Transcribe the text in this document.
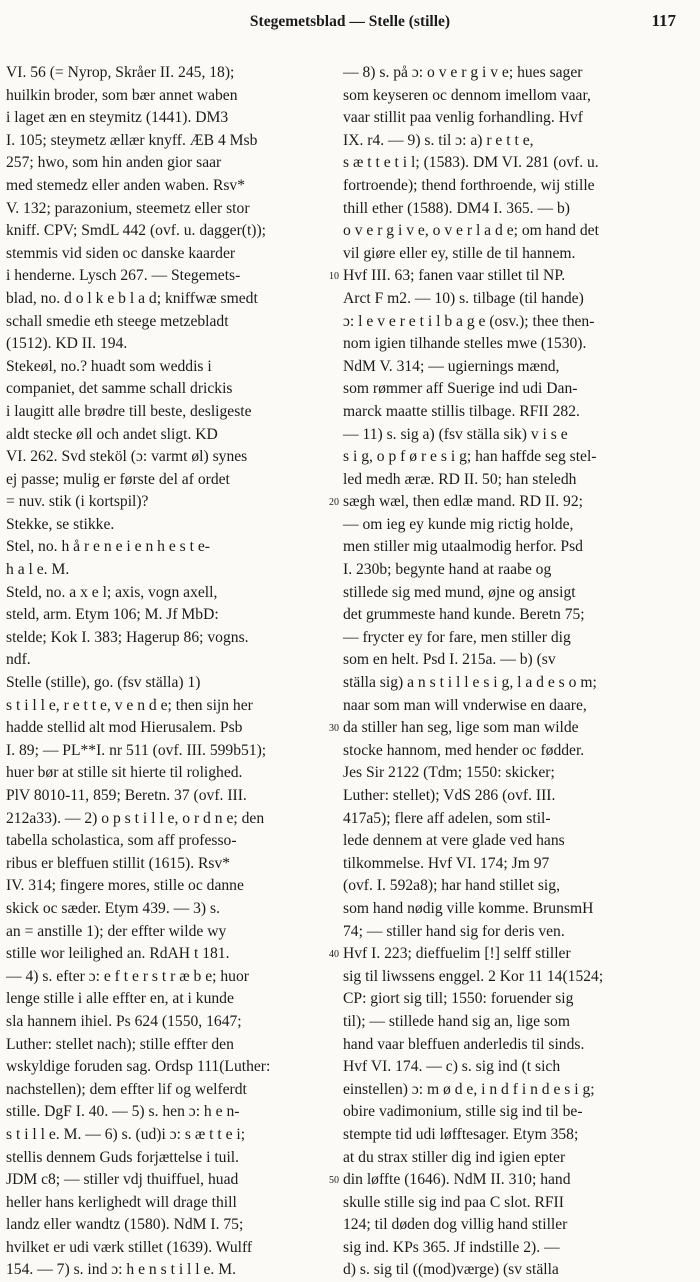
Stegemetsblad — Stelle (stille)	117
VI. 56 (= Nyrop, Skråer II. 245, 18);
huilkin broder, som bær annet waben
i laget æn en steymitz (1441). DM3
I. 105; steymetz ællær knyff. ÆB 4 Msb
257; hwo, som hin anden gior saar
med stemedz eller anden waben. Rsv*
V. 132; parazonium, steemetz eller stor
kniff. CPV; SmdL 442 (ovf. u. dagger(t));
stemmis vid siden oc danske kaarder
i henderne. Lysch 267. — Stegemets-
blad, no. d o l k e b l a d; kniffwæ smedt
schall smedie eth steege metzebladt
(1512). KD II. 194.
Stekeøl, no.? huadt som weddis i
companiet, det samme schall drickis
i laugitt alle brødre till beste, desligeste
aldt stecke øll och andet sligt. KD
VI. 262. Svd steköl (ɔ: varmt øl) synes
ej passe; mulig er første del af ordet
= nuv. stik (i kortspil)?
Stekke, se stikke.
Stel, no. h å r e n e i e n h e s t e-
h a l e. M.
Steld, no. a x e l; axis, vogn axell,
steld, arm. Etym 106; M. Jf MbD:
stelde; Kok I. 383; Hagerup 86; vogns.
ndf.
Stelle (stille), go. (fsv ställa) 1)
s t i l l e, r e t t e, v e n d e; then sijn her
hadde stellid alt mod Hierusalem. Psb
I. 89; — PL**I. nr 511 (ovf. III. 599b51);
huer bør at stille sit hierte til rolighed.
PlV 8010-11, 859; Beretn. 37 (ovf. III.
212a33). — 2) o p s t i l l e, o r d n e; den
tabella scholastica, som aff professo-
ribus er bleffuen stillit (1615). Rsv*
IV. 314; fingere mores, stille oc danne
skick oc sæder. Etym 439. — 3) s.
an = anstille 1); der effter wilde wy
stille wor leilighed an. RdAH t 181.
— 4) s. efter ɔ: e f t e r s t r æ b e; huor
lenge stille i alle effter en, at i kunde
sla hannem ihiel. Ps 624 (1550, 1647;
Luther: stellet nach); stille effter den
wskyldige foruden sag. Ordsp 111(Luther:
nachstellen); dem effter lif og welferdt
stille. DgF I. 40. — 5) s. hen ɔ: h e n-
s t i l l e. M. — 6) s. (ud)i ɔ: s æ t t e i;
stellis dennem Guds forjættelse i tuil.
JDM c8; — stiller vdj thuiffuel, huad
heller hans kerlighedt will drage thill
landz eller wandtz (1580). NdM I. 75;
hvilket er udi værk stillet (1639). Wulff
154. — 7) s. ind ɔ: h e n s t i l l e. M.
10
20
30
40
50
— 8) s. på ɔ: o v e r g i v e; hues sager
som keyseren oc dennom imellom vaar,
vaar stillit paa venlig forhandling. Hvf
IX. r4. — 9) s. til ɔ: a) r e t t e,
s æ t t e t i l; (1583). DM VI. 281 (ovf. u.
fortroende); thend forthroende, wij stille
thill ether (1588). DM4 I. 365. — b)
o v e r g i v e, o v e r l a d e; om hand det
vil giøre eller ey, stille de til hannem.
Hvf III. 63; fanen vaar stillet til NP.
Arct F m2. — 10) s. tilbage (til hande)
ɔ: l e v e r e t i l b a g e (osv.); thee then-
nom igien tilhande stelles mwe (1530).
NdM V. 314; — ugiernings mænd,
som rømmer aff Suerige ind udi Dan-
marck maatte stillis tilbage. RFII 282.
— 11) s. sig a) (fsv ställa sik) v i s e
s i g, o p f ø r e s i g; han haffde seg stel-
led medh æræ. RD II. 50; han steledh
sægh wæl, then edlæ mand. RD II. 92;
— om ieg ey kunde mig rictig holde,
men stiller mig utaalmodig herfor. Psd
I. 230b; begynte hand at raabe og
stillede sig med mund, øjne og ansigt
det grummeste hand kunde. Beretn 75;
— frycter ey for fare, men stiller dig
som en helt. Psd I. 215a. — b) (sv
ställa sig) a n s t i l l e s i g, l a d e s o m;
naar som man will vnderwise en daare,
da stiller han seg, lige som man wilde
stocke hannom, med hender oc fødder.
Jes Sir 2122 (Tdm; 1550: skicker;
Luther: stellet); VdS 286 (ovf. III.
417a5); flere aff adelen, som stil-
lede dennem at vere glade ved hans
tilkommelse. Hvf VI. 174; Jm 97
(ovf. I. 592a8); har hand stillet sig,
som hand nødig ville komme. BrunsmH
74; — stiller hand sig for deris ven.
Hvf I. 223; dieffuelim [!] selff stiller
sig til liwssens enggel. 2 Kor 11 14(1524;
CP: giort sig till; 1550: foruender sig
til); — stillede hand sig an, lige som
hand vaar bleffuen anderledis til sinds.
Hvf VI. 174. — c) s. sig ind (t sich
einstellen) ɔ: m ø d e, i n d f i n d e s i g;
obire vadimonium, stille sig ind til be-
stempte tid udi løfftesager. Etym 358;
at du strax stiller dig ind igien epter
din løffte (1646). NdM II. 310; hand
skulle stille sig ind paa C slot. RFII
124; til døden dog villig hand stiller
sig ind. KPs 365. Jf indstille 2). —
d) s. sig til ((mod)værge) (sv ställa
